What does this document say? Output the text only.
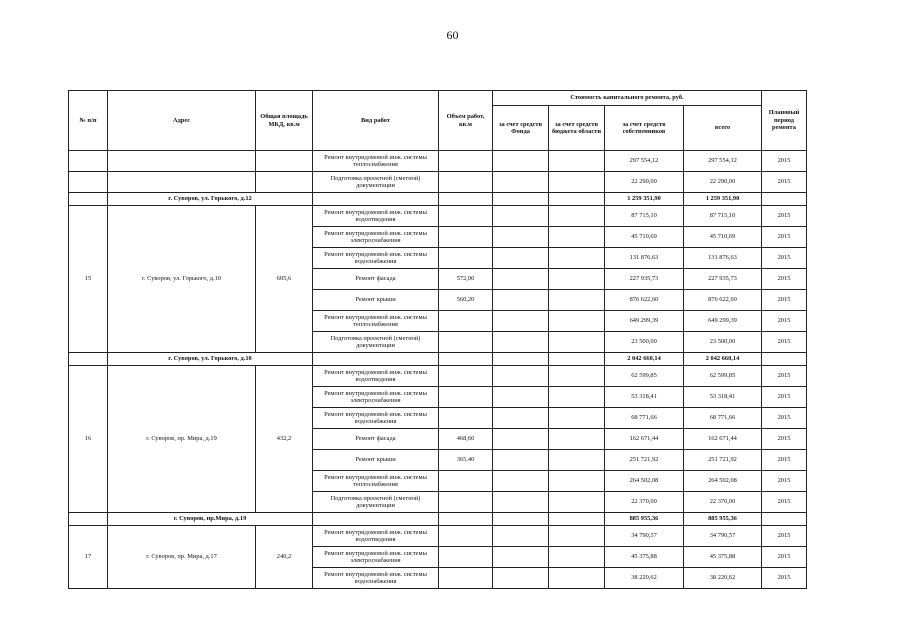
60
№ п/п	Адрес	Общая площадь МКД, кв.м	Вид работ	Объем работ, кв.м	Стоимость капитального ремонта, руб.				Плановый период ремонта
					за счет средств Фонда	за счет средств бюджета области	за счет средств собственников	всего	
			Ремонт внутридомовой инж. системы теплоснабжения				297 554,12	297 554,12	2015
			Подготовка проектной (сметной) документации				22 290,00	22 290,00	2015
	г. Суворов, ул. Горького, д.12						1 259 351,90	1 259 351,90	
15	г. Суворов, ул. Горького, д.10	605,6	Ремонт внутридомовой инж. системы водоотведения				87 715,10	87 715,10	2015
			Ремонт внутридомовой инж. системы электроснабжения				45 710,69	45 710,69	2015
			Ремонт внутридомовой инж. системы водоснабжения				131 876,63	131 876,63	2015
			Ремонт фасада	572,00			227 935,73	227 935,73	2015
			Ремонт крыши	560,20			876 622,60	876 622,60	2015
			Ремонт внутридомовой инж. системы теплоснабжения				649 299,39	649 299,39	2015
			Подготовка проектной (сметной) документации				23 500,00	23 500,00	2015
	г. Суворов, ул. Горького, д.10						2 042 660,14	2 042 660,14	
16	г. Суворов, пр. Мира, д.19	432,2	Ремонт внутридомовой инж. системы водоотведения				62 599,85	62 599,85	2015
			Ремонт внутридомовой инж. системы электроснабжения				53 318,41	53 318,41	2015
			Ремонт внутридомовой инж. системы водоснабжения				68 771,66	68 771,66	2015
			Ремонт фасада	468,60			162 671,44	162 671,44	2015
			Ремонт крыши	365,40			251 721,92	251 721,92	2015
			Ремонт внутридомовой инж. системы теплоснабжения				264 502,08	264 502,08	2015
			Подготовка проектной (сметной) документации				22 370,00	22 370,00	2015
	г. Суворов, пр.Мира, д.19						885 955,36	885 955,36	
17	г. Суворов, пр. Мира, д.17	240,2	Ремонт внутридомовой инж. системы водоотведения				34 790,57	34 790,57	2015
			Ремонт внутридомовой инж. системы электроснабжения				45 375,88	45 375,88	2015
			Ремонт внутридомовой инж. системы водоснабжения				38 220,62	38 220,62	2015
